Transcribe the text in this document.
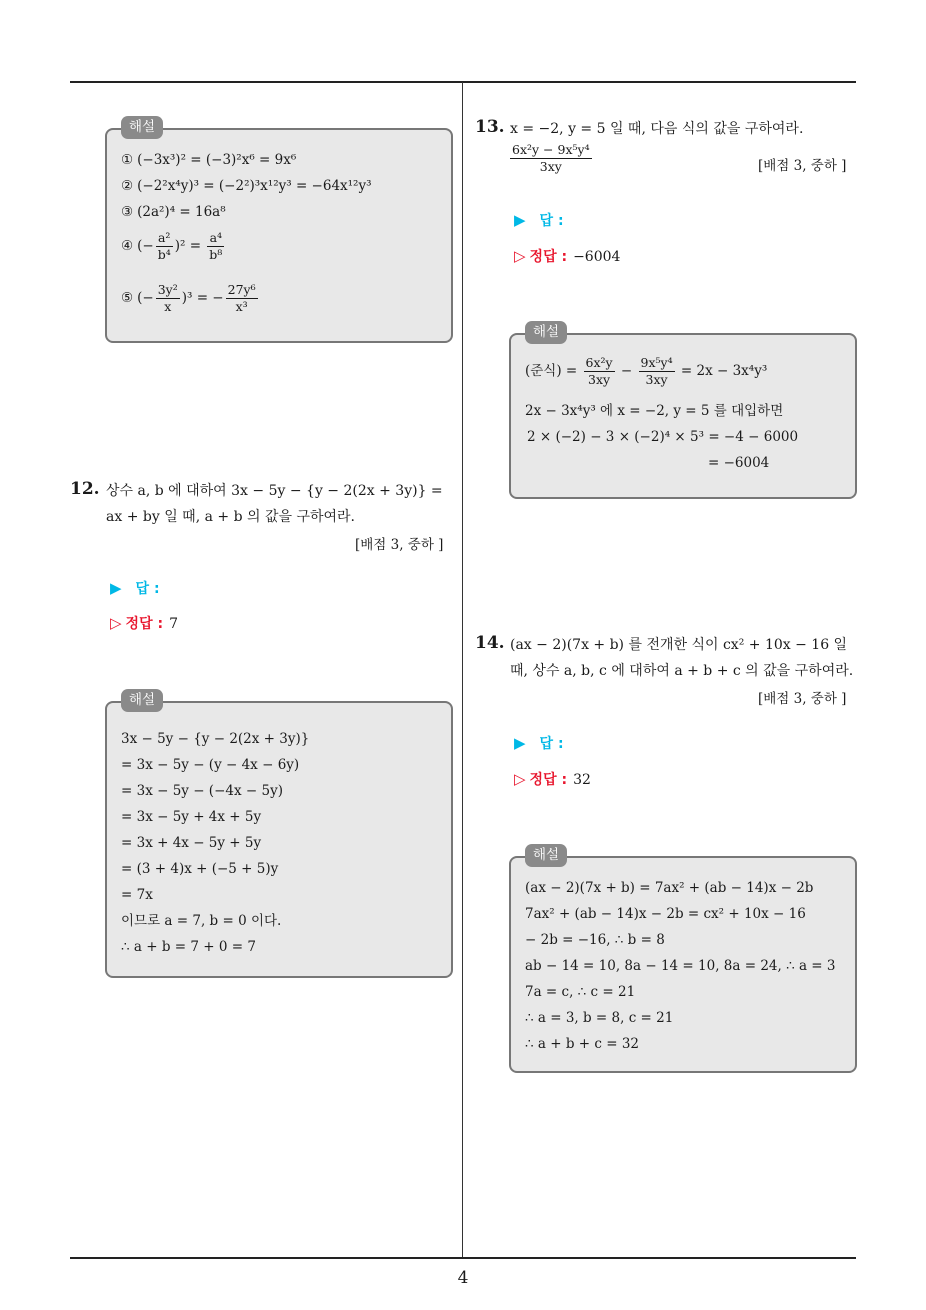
4
해설
① (−3x³)² = (−3)²x⁶ = 9x⁶
② (−2²x⁴y)³ = (−2²)³x¹²y³ = −64x¹²y³
③ (2a²)⁴ = 16a⁸
④ (− $\frac{\text{a²}}{\text{b⁴}} )^2 = \frac{\text{a⁴}}{\text{b⁸}}$
⑤ (− $\frac{\text{3y²}}{x} )^3$ = − $\frac{\text{27y⁶}}{\text{x³}}$
12. 상수 a, b 에 대하여 3x − 5y − {y − 2(2x + 3y)} =
ax + by 일 때, a + b 의 값을 구하여라.
[배점 3, 중하 ]
▶ 답 :
▷ 정답 : 7
해설
3x − 5y − {y − 2(2x + 3y)}
= 3x − 5y − (y − 4x − 6y)
= 3x − 5y − (−4x − 5y)
= 3x − 5y + 4x + 5y
= 3x + 4x − 5y + 5y
= (3 + 4)x + (−5 + 5)y
= 7x
이므로 a = 7, b = 0 이다.
∴ a + b = 7 + 0 = 7
13. x = −2, y = 5 일 때, 다음 식의 값을 구하여라.
$\frac{\text{6x²y − 9x⁵y⁴}}{3xy}$	[배점 3, 중하 ]
▶ 답 :
▷ 정답 : −6004
해설
(준식) = $\frac{\text{6x²y}}{3xy} - \frac{\text{9x⁵y⁴}}{3xy} = 2x - 3x^4y^3$
2x − 3x⁴y³ 에 x = −2, y = 5 를 대입하면
2 × (−2) − 3 × (−2)⁴ × 5³ = −4 − 6000
= −6004
14. (ax − 2)(7x + b) 를 전개한 식이 cx² + 10x − 16 일
때, 상수 a, b, c 에 대하여 a + b + c 의 값을 구하여라.
[배점 3, 중하 ]
▶ 답 :
▷ 정답 : 32
해설
(ax − 2)(7x + b) = 7ax² + (ab − 14)x − 2b
7ax² + (ab − 14)x − 2b = cx² + 10x − 16
− 2b = −16, ∴ b = 8
ab − 14 = 10, 8a − 14 = 10, 8a = 24, ∴ a = 3
7a = c, ∴ c = 21
∴ a = 3, b = 8, c = 21
∴ a + b + c = 32
